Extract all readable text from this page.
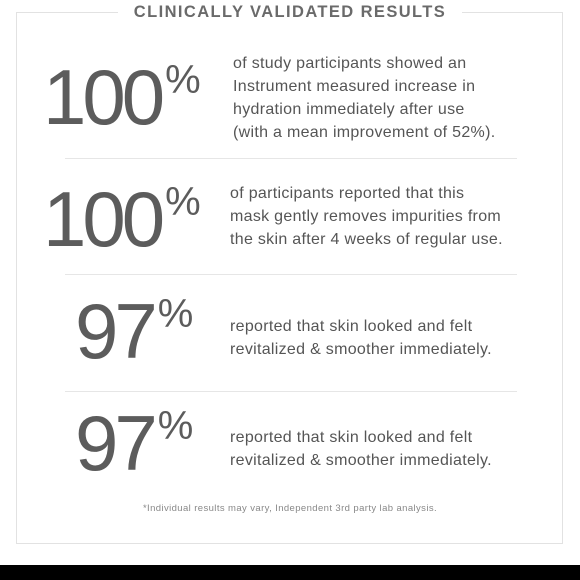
CLINICALLY VALIDATED RESULTS
100 % of study participants showed an
Instrument measured increase in
hydration immediately after use
(with a mean improvement of 52%).
100 % of participants reported that this
mask gently removes impurities from
the skin after 4 weeks of regular use.
97 % reported that skin looked and felt
revitalized & smoother immediately.
97 % reported that skin looked and felt
revitalized & smoother immediately.
*Individual results may vary, Independent 3rd party lab analysis.
